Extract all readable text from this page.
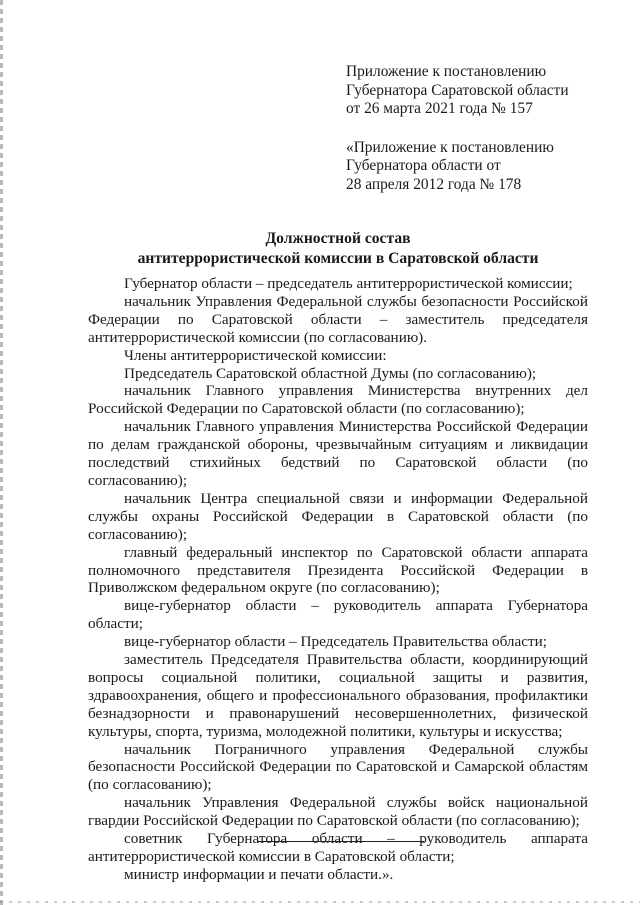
Приложение к постановлению
Губернатора Саратовской области
от 26 марта 2021 года № 157
«Приложение к постановлению
Губернатора области от
28 апреля 2012 года № 178
Должностной состав
антитеррористической комиссии в Саратовской области
Губернатор области – председатель антитеррористической комиссии;
начальник Управления Федеральной службы безопасности Российской Федерации по Саратовской области – заместитель председателя антитеррористической комиссии (по согласованию).
Члены антитеррористической комиссии:
Председатель Саратовской областной Думы (по согласованию);
начальник Главного управления Министерства внутренних дел Российской Федерации по Саратовской области (по согласованию);
начальник Главного управления Министерства Российской Федерации по делам гражданской обороны, чрезвычайным ситуациям и ликвидации последствий стихийных бедствий по Саратовской области (по согласованию);
начальник Центра специальной связи и информации Федеральной службы охраны Российской Федерации в Саратовской области (по согласованию);
главный федеральный инспектор по Саратовской области аппарата полномочного представителя Президента Российской Федерации в Приволжском федеральном округе (по согласованию);
вице-губернатор области – руководитель аппарата Губернатора области;
вице-губернатор области – Председатель Правительства области;
заместитель Председателя Правительства области, координирующий вопросы социальной политики, социальной защиты и развития, здравоохранения, общего и профессионального образования, профилактики безнадзорности и правонарушений несовершеннолетних, физической культуры, спорта, туризма, молодежной политики, культуры и искусства;
начальник Пограничного управления Федеральной службы безопасности Российской Федерации по Саратовской и Самарской областям (по согласованию);
начальник Управления Федеральной службы войск национальной гвардии Российской Федерации по Саратовской области (по согласованию);
советник Губернатора области – руководитель аппарата антитеррористической комиссии в Саратовской области;
министр информации и печати области.».
